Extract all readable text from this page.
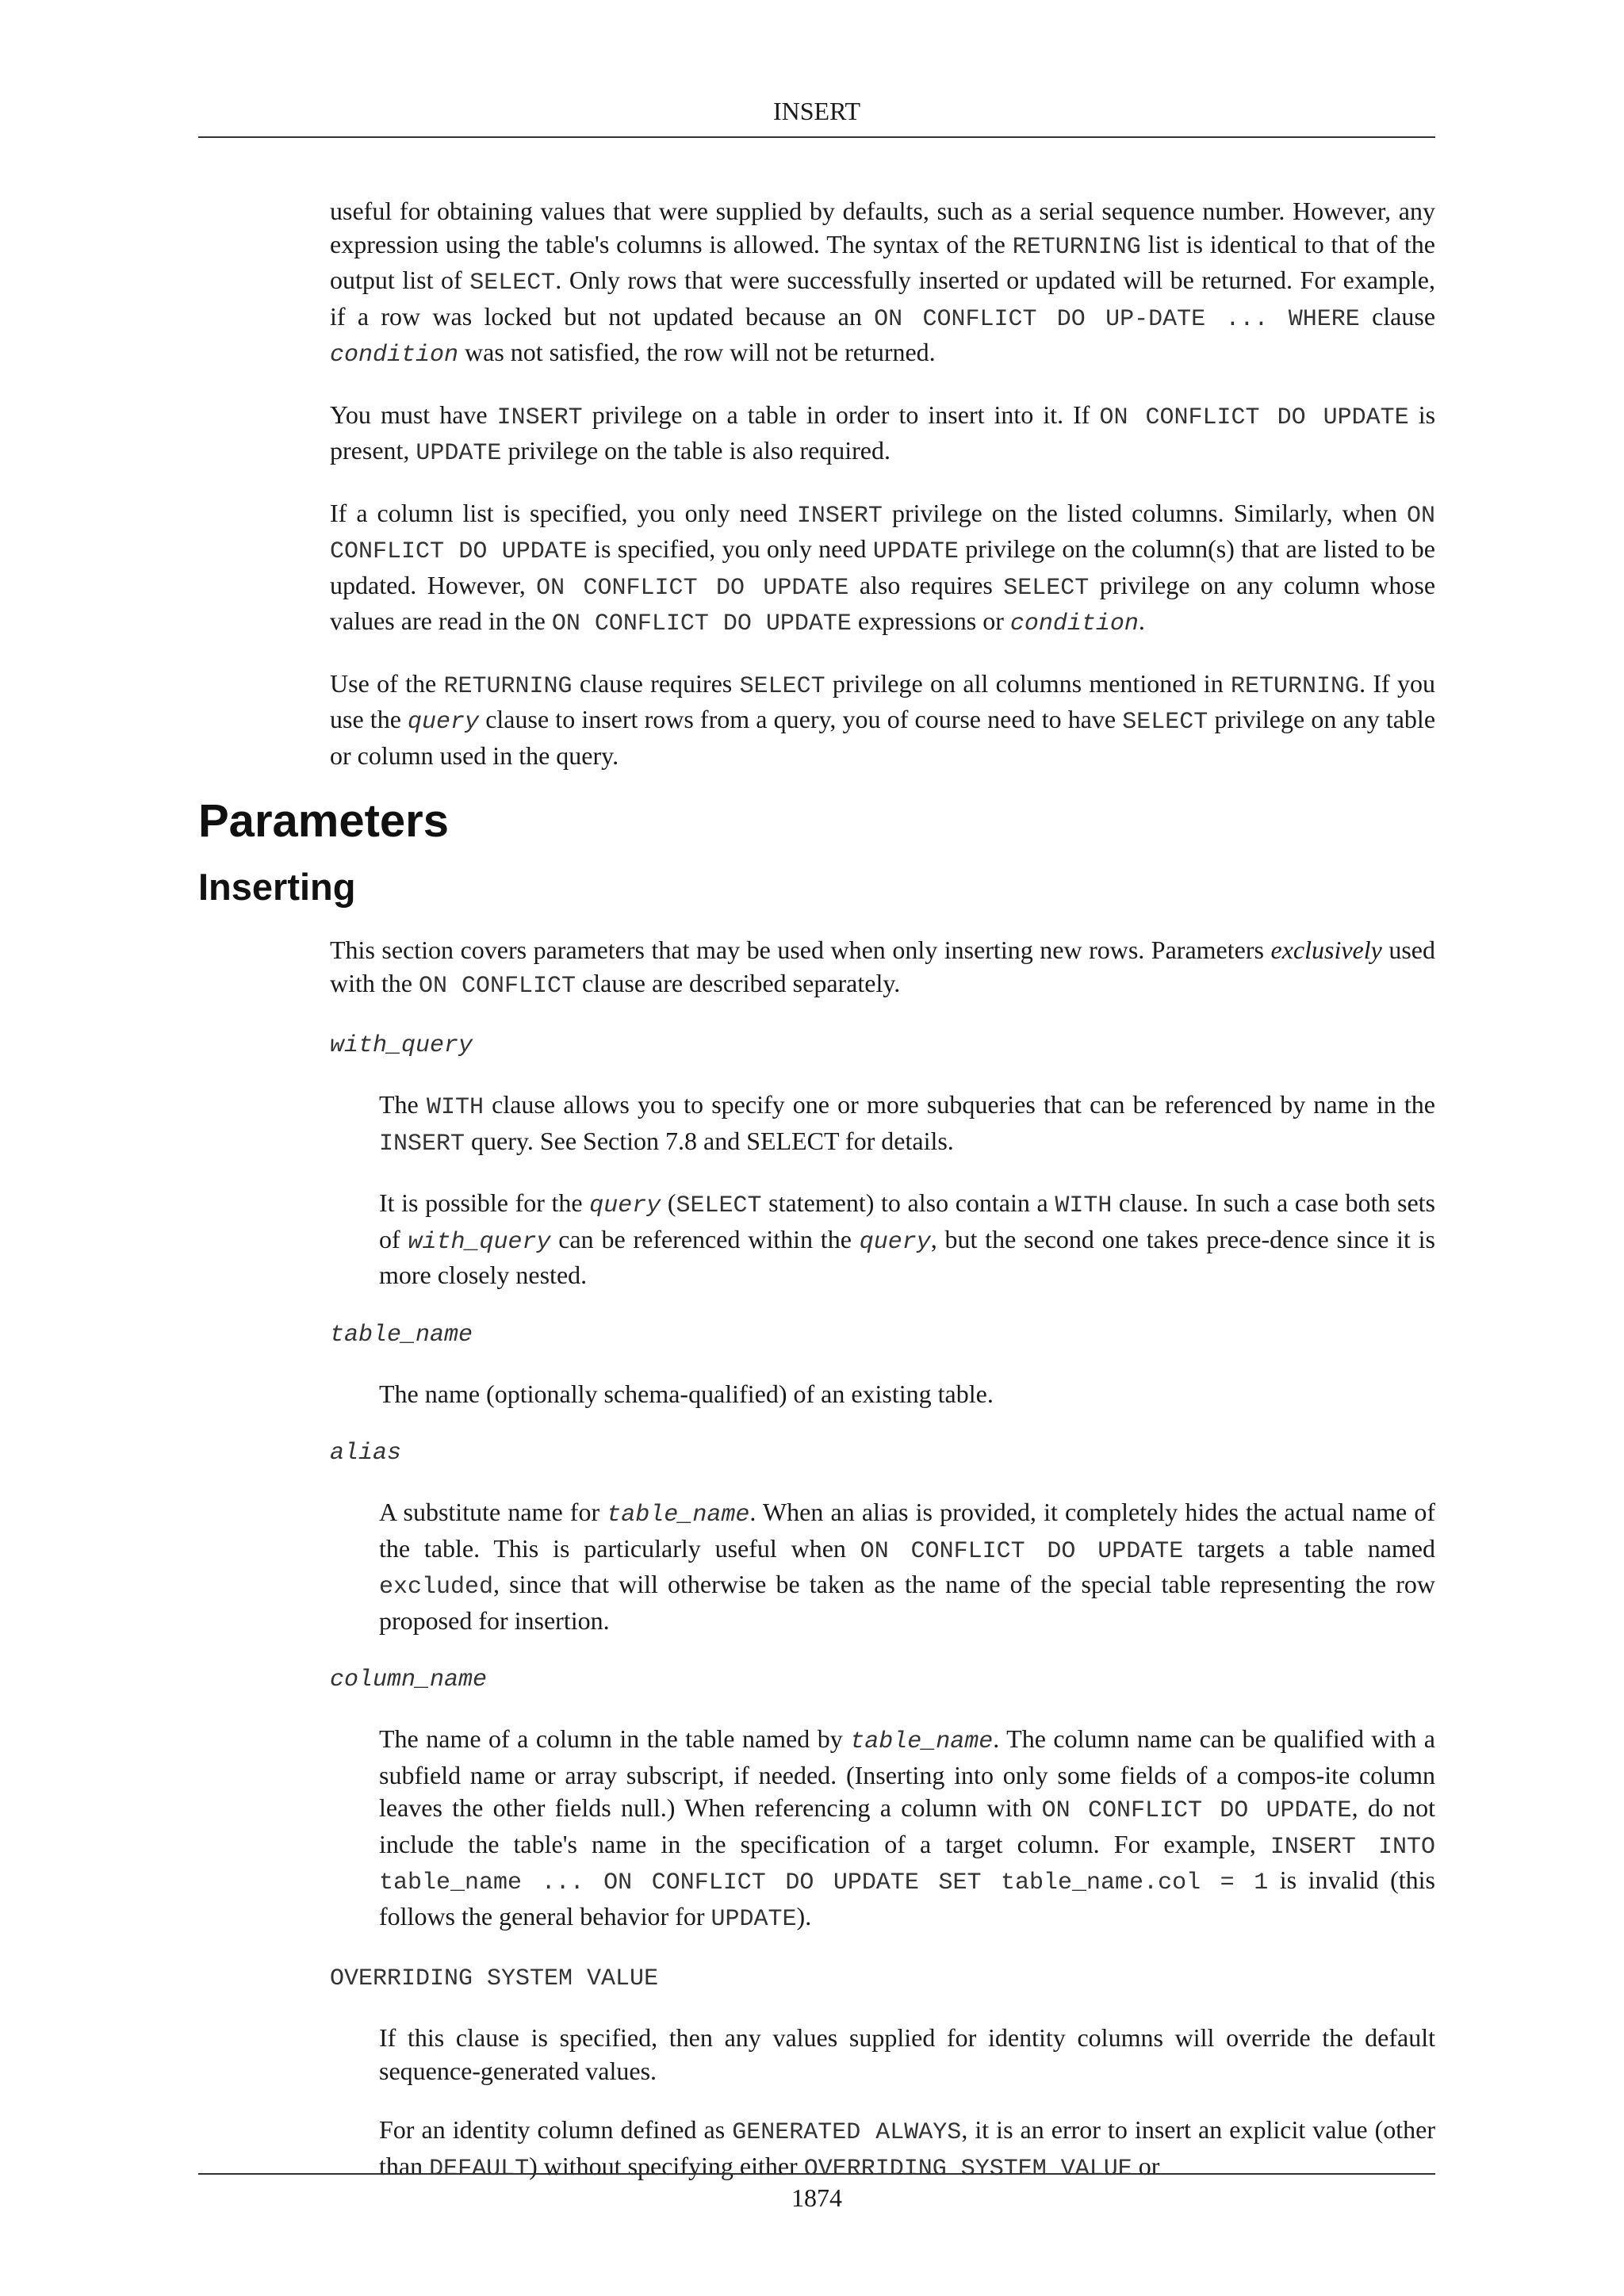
INSERT

useful for obtaining values that were supplied by defaults, such as a serial sequence number. However, any expression using the table's columns is allowed. The syntax of the RETURNING list is identical to that of the output list of SELECT. Only rows that were successfully inserted or updated will be returned. For example, if a row was locked but not updated because an ON CONFLICT DO UP-DATE ... WHERE clause condition was not satisfied, the row will not be returned.

You must have INSERT privilege on a table in order to insert into it. If ON CONFLICT DO UPDATE is present, UPDATE privilege on the table is also required.

If a column list is specified, you only need INSERT privilege on the listed columns. Similarly, when ON CONFLICT DO UPDATE is specified, you only need UPDATE privilege on the column(s) that are listed to be updated. However, ON CONFLICT DO UPDATE also requires SELECT privilege on any column whose values are read in the ON CONFLICT DO UPDATE expressions or condition.

Use of the RETURNING clause requires SELECT privilege on all columns mentioned in RETURNING. If you use the query clause to insert rows from a query, you of course need to have SELECT privilege on any table or column used in the query.

Parameters
Inserting

This section covers parameters that may be used when only inserting new rows. Parameters exclusively used with the ON CONFLICT clause are described separately.

with_query

The WITH clause allows you to specify one or more subqueries that can be referenced by name in the INSERT query. See Section 7.8 and SELECT for details.

It is possible for the query (SELECT statement) to also contain a WITH clause. In such a case both sets of with_query can be referenced within the query, but the second one takes prece-dence since it is more closely nested.

table_name

The name (optionally schema-qualified) of an existing table.

alias

A substitute name for table_name. When an alias is provided, it completely hides the actual name of the table. This is particularly useful when ON CONFLICT DO UPDATE targets a table named excluded, since that will otherwise be taken as the name of the special table representing the row proposed for insertion.

column_name

The name of a column in the table named by table_name. The column name can be qualified with a subfield name or array subscript, if needed. (Inserting into only some fields of a compos-ite column leaves the other fields null.) When referencing a column with ON CONFLICT DO UPDATE, do not include the table's name in the specification of a target column. For example, INSERT INTO table_name ... ON CONFLICT DO UPDATE SET table_name.col = 1 is invalid (this follows the general behavior for UPDATE).

OVERRIDING SYSTEM VALUE

If this clause is specified, then any values supplied for identity columns will override the default sequence-generated values.

For an identity column defined as GENERATED ALWAYS, it is an error to insert an explicit value (other than DEFAULT) without specifying either OVERRIDING SYSTEM VALUE or

1874
